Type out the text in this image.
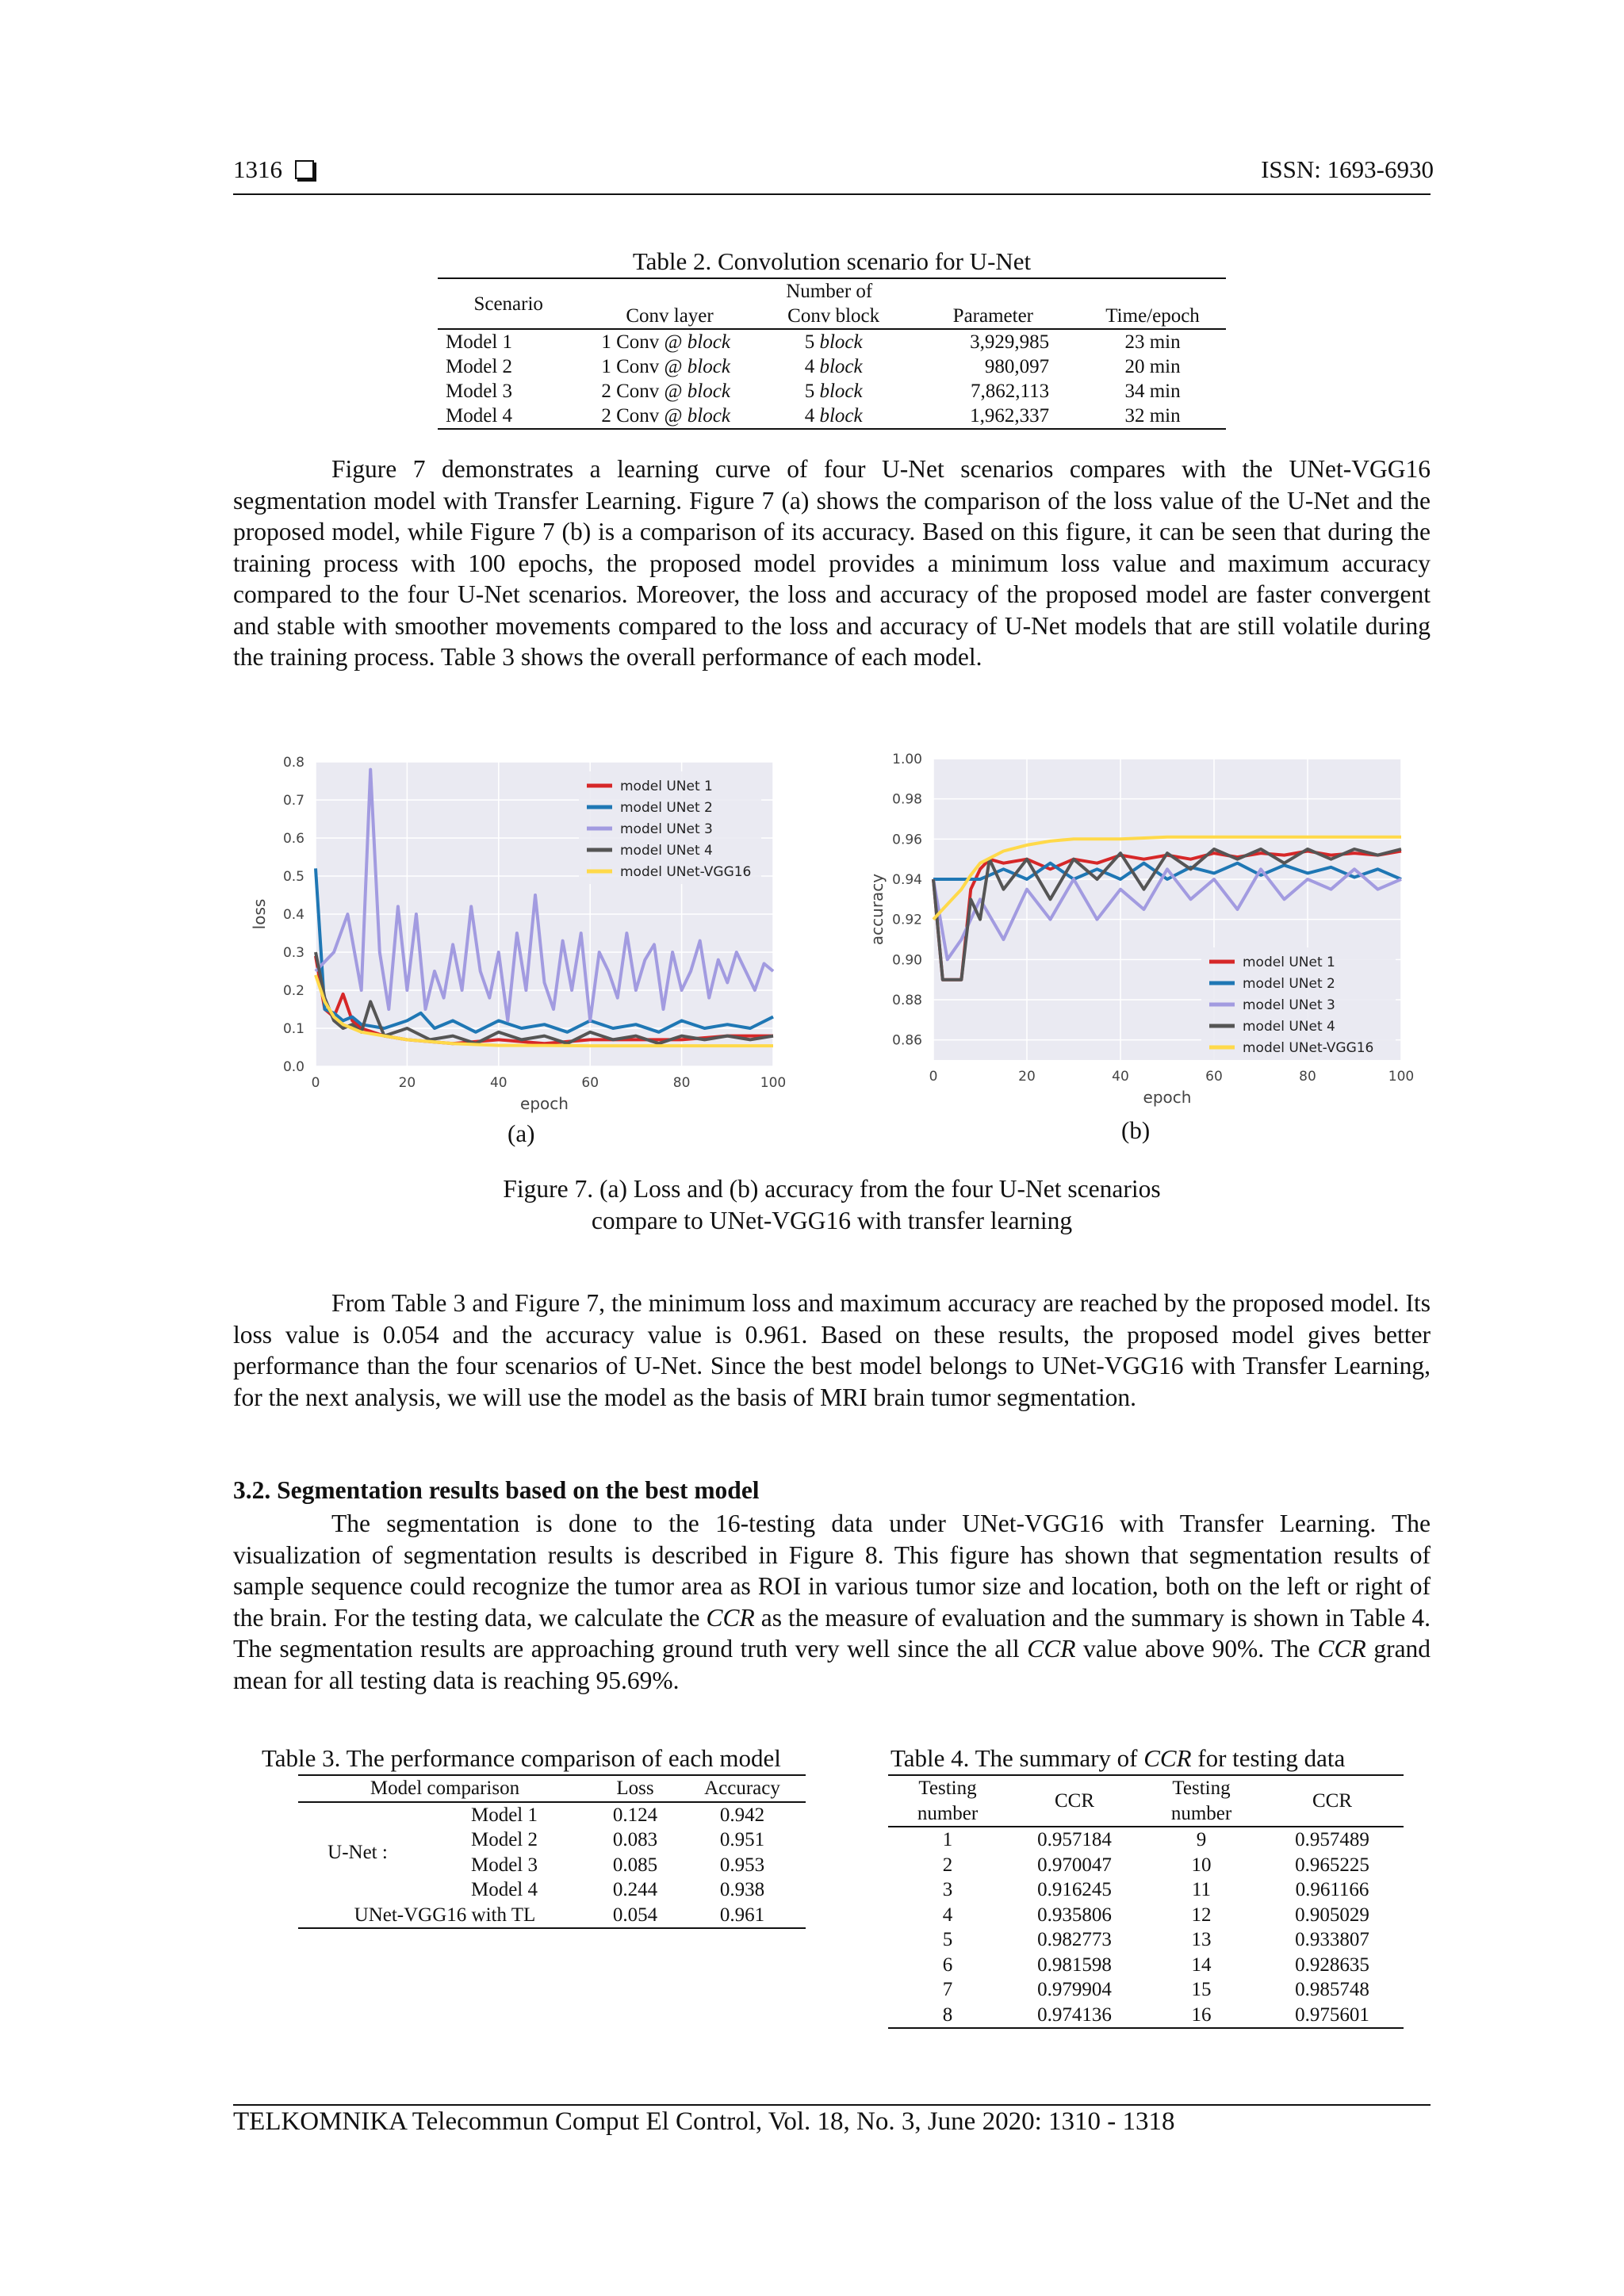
1316	ISSN: 1693-6930
Table 2. Convolution scenario for U-Net
Scenario	Number of			
	Conv layer	Conv block	Parameter	Time/epoch
Model 1	1 Conv @ block	5 block	3,929,985	23 min
Model 2	1 Conv @ block	4 block	980,097	20 min
Model 3	2 Conv @ block	5 block	7,862,113	34 min
Model 4	2 Conv @ block	4 block	1,962,337	32 min

Figure 7 demonstrates a learning curve of four U-Net scenarios compares with the UNet-VGG16 segmentation model with Transfer Learning. Figure 7 (a) shows the comparison of the loss value of the U-Net and the proposed model, while Figure 7 (b) is a comparison of its accuracy. Based on this figure, it can be seen that during the training process with 100 epochs, the proposed model provides a minimum loss value and maximum accuracy compared to the four U-Net scenarios. Moreover, the loss and accuracy of the proposed model are faster convergent and stable with smoother movements compared to the loss and accuracy of U-Net models that are still volatile during the training process. Table 3 shows the overall performance of each model.

0.0
0.1
0.2
0.3
0.4
0.5
0.6
0.7
0.8
0	20	40	60	80	100
epoch
loss
model UNet 1
model UNet 2
model UNet 3
model UNet 4
model UNet-VGG16
(a)
0.86
0.88
0.90
0.92
0.94
0.96
0.98
1.00
0	20	40	60	80	100
epoch
accuracy
model UNet 1
model UNet 2
model UNet 3
model UNet 4
model UNet-VGG16
(b)
Figure 7. (a) Loss and (b) accuracy from the four U-Net scenarios
compare to UNet-VGG16 with transfer learning

From Table 3 and Figure 7, the minimum loss and maximum accuracy are reached by the proposed model. Its loss value is 0.054 and the accuracy value is 0.961. Based on these results, the proposed model gives better performance than the four scenarios of U-Net. Since the best model belongs to UNet-VGG16 with Transfer Learning, for the next analysis, we will use the model as the basis of MRI brain tumor segmentation.

3.2. Segmentation results based on the best model

The segmentation is done to the 16-testing data under UNet-VGG16 with Transfer Learning. The visualization of segmentation results is described in Figure 8. This figure has shown that segmentation results of sample sequence could recognize the tumor area as ROI in various tumor size and location, both on the left or right of the brain. For the testing data, we calculate the CCR as the measure of evaluation and the summary is shown in Table 4. The segmentation results are approaching ground truth very well since the all CCR value above 90%. The CCR grand mean for all testing data is reaching 95.69%.

Table 3. The performance comparison of each model
Model comparison		Loss	Accuracy
U-Net :	Model 1	0.124	0.942
	Model 2	0.083	0.951
	Model 3	0.085	0.953
	Model 4	0.244	0.938
UNet-VGG16 with TL		0.054	0.961
Table 4. The summary of CCR for testing data
Testing	CCR	Testing	CCR
number		number	
1	0.957184	9	0.957489
2	0.970047	10	0.965225
3	0.916245	11	0.961166
4	0.935806	12	0.905029
5	0.982773	13	0.933807
6	0.981598	14	0.928635
7	0.979904	15	0.985748
8	0.974136	16	0.975601
TELKOMNIKA Telecommun Comput El Control, Vol. 18, No. 3, June 2020: 1310 - 1318
